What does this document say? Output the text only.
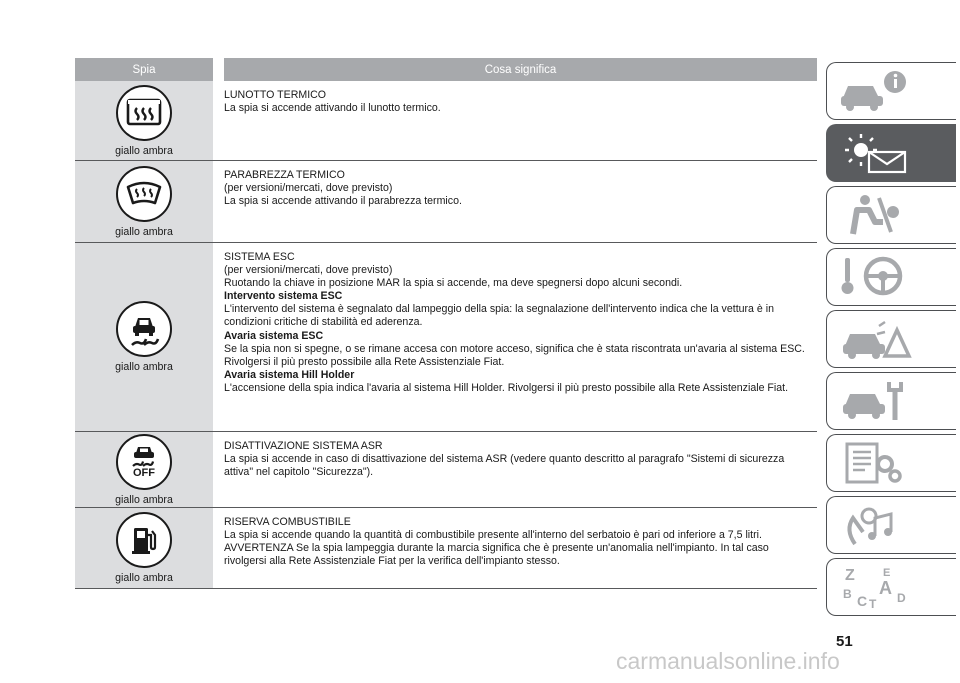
Spia	Cosa significa
giallo ambra

LUNOTTO TERMICO

La spia si accende attivando il lunotto termico.

giallo ambra

PARABREZZA TERMICO

(per versioni/mercati, dove previsto)

La spia si accende attivando il parabrezza termico.

giallo ambra

SISTEMA ESC

(per versioni/mercati, dove previsto)

Ruotando la chiave in posizione MAR la spia si accende, ma deve spegnersi dopo alcuni secondi.

Intervento sistema ESC

L'intervento del sistema è segnalato dal lampeggio della spia: la segnalazione dell'intervento indica che la vettura è in condizioni critiche di stabilità ed aderenza.

Avaria sistema ESC

Se la spia non si spegne, o se rimane accesa con motore acceso, significa che è stata riscontrata un'avaria al sistema ESC. Rivolgersi il più presto possibile alla Rete Assistenziale Fiat.

Avaria sistema Hill Holder

L'accensione della spia indica l'avaria al sistema Hill Holder. Rivolgersi il più presto possibile alla Rete Assistenziale Fiat.

OFF
giallo ambra

DISATTIVAZIONE SISTEMA ASR

La spia si accende in caso di disattivazione del sistema ASR (vedere quanto descritto al paragrafo "Sistemi di sicurezza attiva" nel capitolo "Sicurezza").

giallo ambra

RISERVA COMBUSTIBILE

La spia si accende quando la quantità di combustibile presente all'interno del serbatoio è pari od inferiore a 7,5 litri.

AVVERTENZA Se la spia lampeggia durante la marcia significa che è presente un'anomalia nell'impianto. In tal caso rivolgersi alla Rete Assistenziale Fiat per la verifica dell'impianto stesso.

Z	E
A
B C T D
51
carmanualsonline.info
